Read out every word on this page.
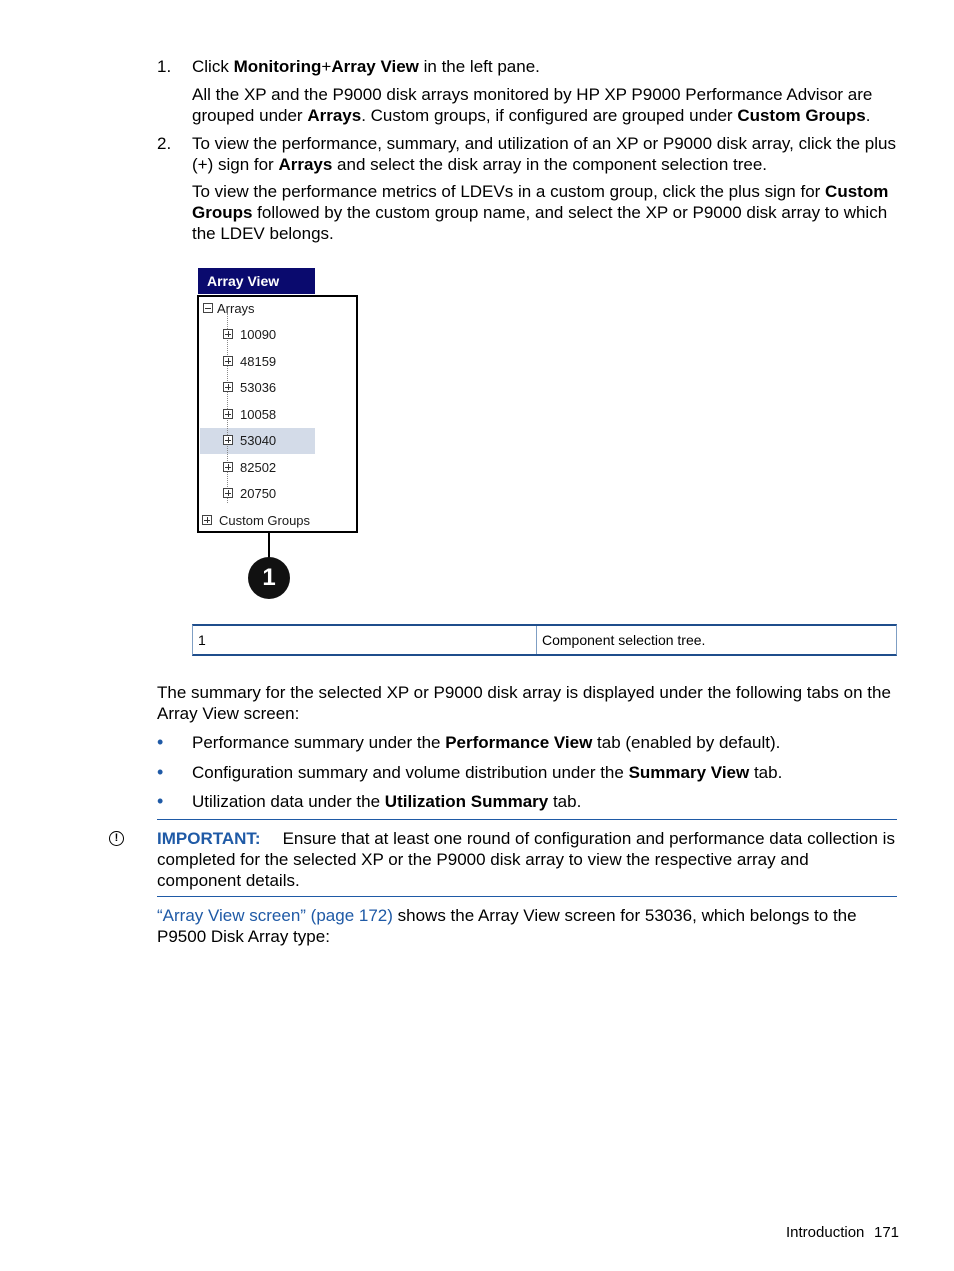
1. Click Monitoring+Array View in the left pane.
All the XP and the P9000 disk arrays monitored by HP XP P9000 Performance Advisor are grouped under Arrays. Custom groups, if configured are grouped under Custom Groups.
2. To view the performance, summary, and utilization of an XP or P9000 disk array, click the plus (+) sign for Arrays and select the disk array in the component selection tree.
To view the performance metrics of LDEVs in a custom group, click the plus sign for Custom Groups followed by the custom group name, and select the XP or P9000 disk array to which the LDEV belongs.
Array View
Arrays
10090
48159
53036
10058
53040
82502
20750
Custom Groups
1
1	Component selection tree.
The summary for the selected XP or P9000 disk array is displayed under the following tabs on the Array View screen:
• Performance summary under the Performance View tab (enabled by default).
• Configuration summary and volume distribution under the Summary View tab.
• Utilization data under the Utilization Summary tab.
!	IMPORTANT: Ensure that at least one round of configuration and performance data collection is completed for the selected XP or the P9000 disk array to view the respective array and component details.
“Array View screen” (page 172) shows the Array View screen for 53036, which belongs to the P9500 Disk Array type:
Introduction 171
